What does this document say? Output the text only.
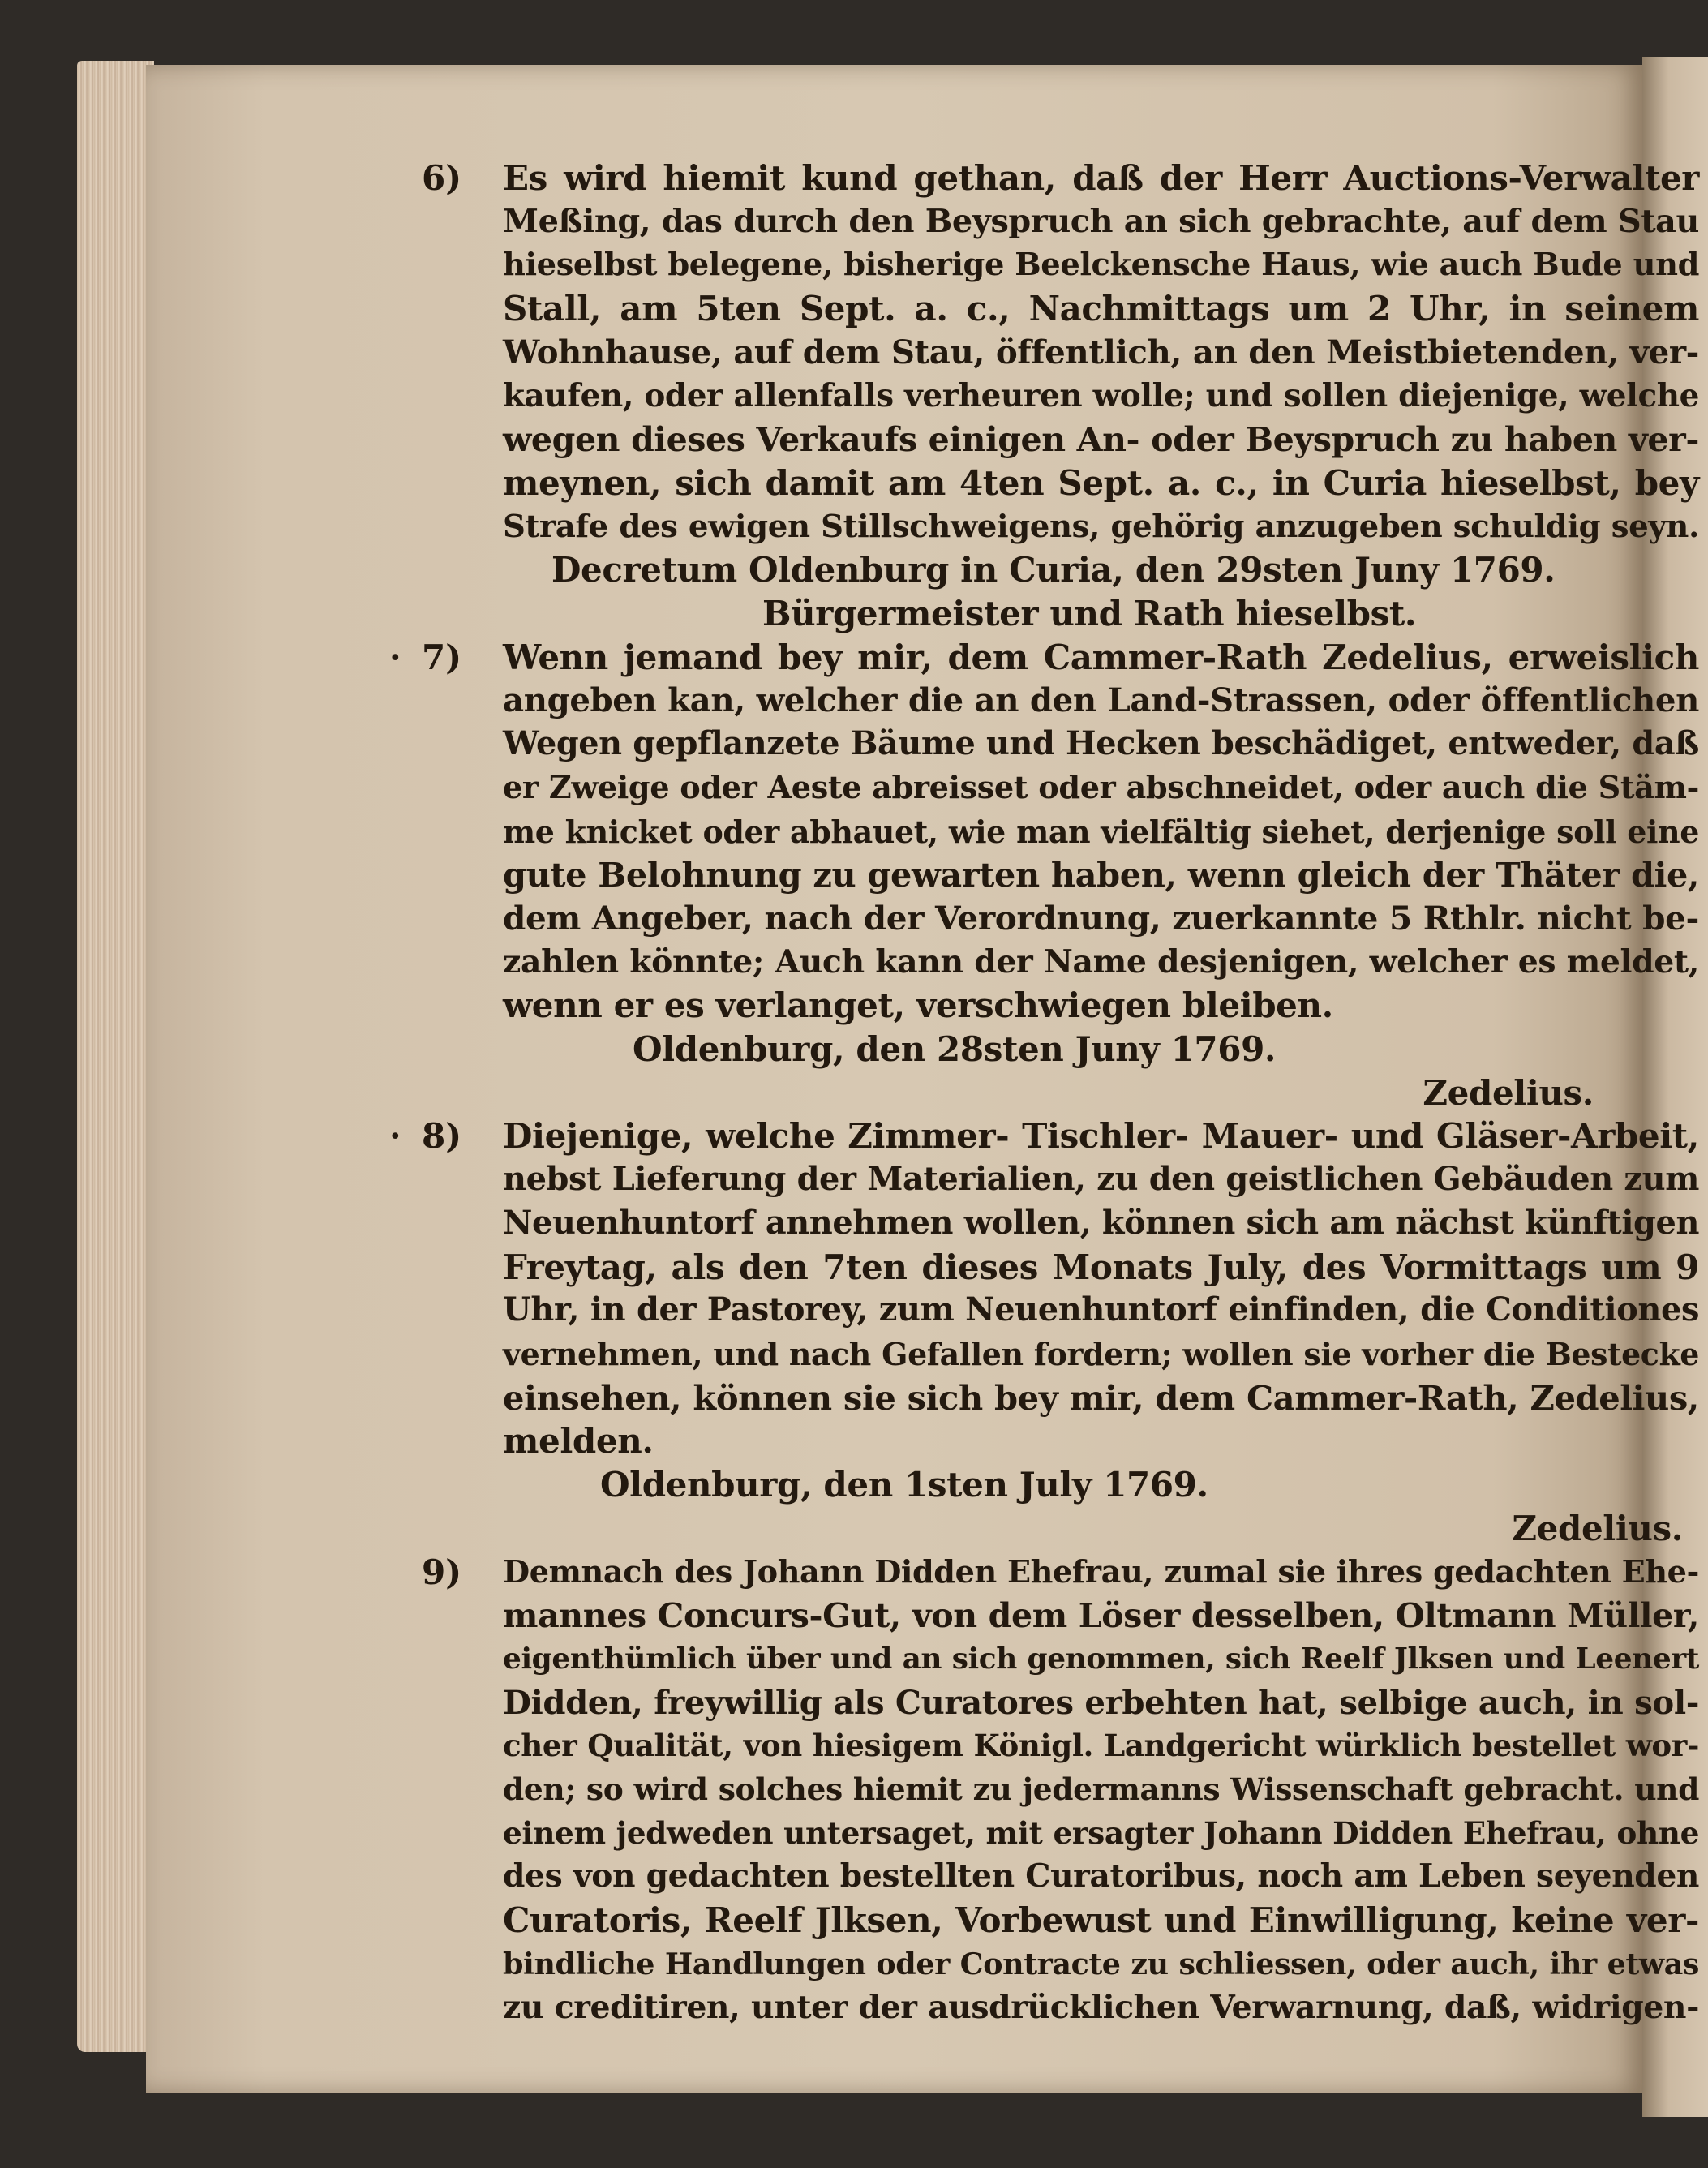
6) Es wird hiemit kund gethan, daß der Herr Auctions-Verwalter
Meßing, das durch den Beyspruch an sich gebrachte, auf dem Stau
hieselbst belegene, bisherige Beelckensche Haus, wie auch Bude und
Stall, am 5ten Sept. a. c., Nachmittags um 2 Uhr, in seinem
Wohnhause, auf dem Stau, öffentlich, an den Meistbietenden, ver-
kaufen, oder allenfalls verheuren wolle; und sollen diejenige, welche
wegen dieses Verkaufs einigen An- oder Beyspruch zu haben ver-
meynen, sich damit am 4ten Sept. a. c., in Curia hieselbst, bey
Strafe des ewigen Stillschweigens, gehörig anzugeben schuldig seyn.
Decretum Oldenburg in Curia, den 29sten Juny 1769.
Bürgermeister und Rath hieselbst.
· 7) Wenn jemand bey mir, dem Cammer-Rath Zedelius, erweislich
angeben kan, welcher die an den Land-Strassen, oder öffentlichen
Wegen gepflanzete Bäume und Hecken beschädiget, entweder, daß
er Zweige oder Aeste abreisset oder abschneidet, oder auch die Stäm-
me knicket oder abhauet, wie man vielfältig siehet, derjenige soll eine
gute Belohnung zu gewarten haben, wenn gleich der Thäter die,
dem Angeber, nach der Verordnung, zuerkannte 5 Rthlr. nicht be-
zahlen könnte; Auch kann der Name desjenigen, welcher es meldet,
wenn er es verlanget, verschwiegen bleiben.
Oldenburg, den 28sten Juny 1769.
Zedelius.
· 8) Diejenige, welche Zimmer- Tischler- Mauer- und Gläser-Arbeit,
nebst Lieferung der Materialien, zu den geistlichen Gebäuden zum
Neuenhuntorf annehmen wollen, können sich am nächst künftigen
Freytag, als den 7ten dieses Monats July, des Vormittags um 9
Uhr, in der Pastorey, zum Neuenhuntorf einfinden, die Conditiones
vernehmen, und nach Gefallen fordern; wollen sie vorher die Bestecke
einsehen, können sie sich bey mir, dem Cammer-Rath, Zedelius,
melden.
Oldenburg, den 1sten July 1769.
Zedelius.
9) Demnach des Johann Didden Ehefrau, zumal sie ihres gedachten Ehe-
mannes Concurs-Gut, von dem Löser desselben, Oltmann Müller,
eigenthümlich über und an sich genommen, sich Reelf Jlksen und Leenert
Didden, freywillig als Curatores erbehten hat, selbige auch, in sol-
cher Qualität, von hiesigem Königl. Landgericht würklich bestellet wor-
den; so wird solches hiemit zu jedermanns Wissenschaft gebracht. und
einem jedweden untersaget, mit ersagter Johann Didden Ehefrau, ohne
des von gedachten bestellten Curatoribus, noch am Leben seyenden
Curatoris, Reelf Jlksen, Vorbewust und Einwilligung, keine ver-
bindliche Handlungen oder Contracte zu schliessen, oder auch, ihr etwas
zu creditiren, unter der ausdrücklichen Verwarnung, daß, widrigen-
